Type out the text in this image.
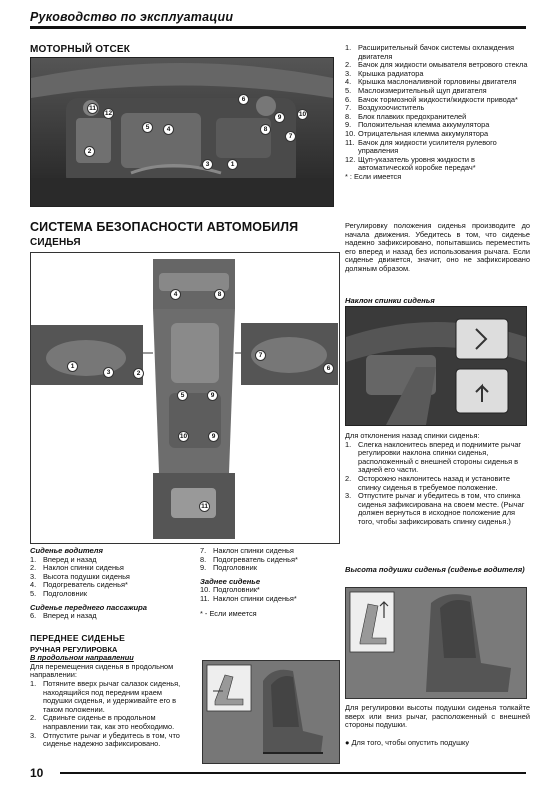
Руководство по эксплуатации
МОТОРНЫЙ ОТСЕК
11
12
2
5	4
6
8
9	10
7
3	1
1. Расширительный бачок системы охлаждения двигателя
2. Бачок для жидкости омывателя ветрового стекла
3. Крышка радиатора
4. Крышка маслоналивной горловины двигателя
5. Маслоизмерительный щуп двигателя
6. Бачок тормозной жидкости/жидкости привода*
7. Воздухоочиститель
8. Блок плавких предохранителей
9. Положительная клемма аккумулятора
10. Отрицательная клемма аккумулятора
11. Бачок для жидкости усилителя рулевого управления
12. Щуп-указатель уровня жидкости в автоматической коробке передач*
* : Если имеется
СИСТЕМА БЕЗОПАСНОСТИ АВТОМОБИЛЯ
СИДЕНЬЯ
4	8
1
3	2
7
6
5	9
10	9
11
Сиденье водителя
1. Вперед и назад
2. Наклон спинки сиденья
3. Высота подушки сиденья
4. Подогреватель сиденья*
5. Подголовник
Сиденье переднего пассажира
6. Вперед и назад
7. Наклон спинки сиденья
8. Подогреватель сиденья*
9. Подголовник
Заднее сиденье
10. Подголовник*
11. Наклон спинки сиденья*
* - Если имеется
ПЕРЕДНЕЕ СИДЕНЬЕ
РУЧНАЯ РЕГУЛИРОВКА
В продольном направлении
Для перемещения сиденья в продольном направлении:
1. Потяните вверх рычаг салазок сиденья, находящийся под передним краем подушки сиденья, и удерживайте его в таком положении.
2. Сдвиньте сиденье в продольном направлении так, как это необходимо.
3. Отпустите рычаг и убедитесь в том, что сиденье надежно зафиксировано.
Регулировку положения сиденья производите до начала движения. Убедитесь в том, что сиденье надежно зафиксировано, попытавшись переместить его вперед и назад без использования рычага. Если сиденье движется, значит, оно не зафиксировано должным образом.
Наклон спинки сиденья
Для отклонения назад спинки сиденья:
1. Слегка наклонитесь вперед и поднимите рычаг регулировки наклона спинки сиденья, расположенный с внешней стороны сиденья в задней его части.
2. Осторожно наклонитесь назад и установите спинку сиденья в требуемое положение.
3. Отпустите рычаг и убедитесь в том, что спинка сиденья зафиксирована на своем месте. (Рычаг должен вернуться в исходное положение для того, чтобы зафиксировать спинку сиденья.)
Высота подушки сиденья (сиденье водителя)
Для регулировки высоты подушки сиденья толкайте вверх или вниз рычаг, расположенный с внешней стороны подушки.
● Для того, чтобы опустить подушку
10
